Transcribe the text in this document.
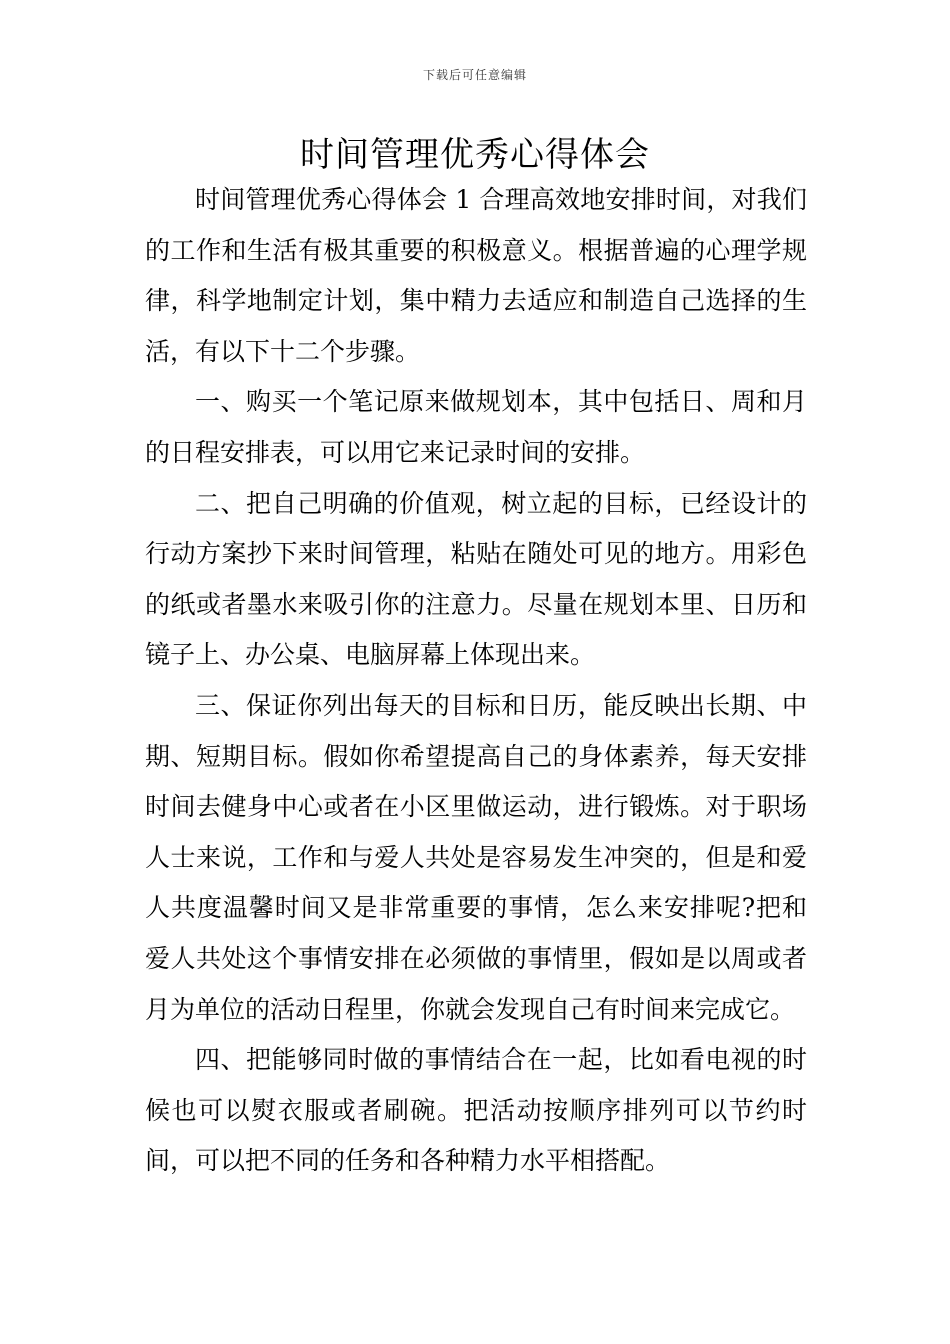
下载后可任意编辑
时间管理优秀心得体会

时间管理优秀心得体会 1 合理高效地安排时间，对我们的工作和生活有极其重要的积极意义。根据普遍的心理学规律，科学地制定计划，集中精力去适应和制造自己选择的生活，有以下十二个步骤。

一、购买一个笔记原来做规划本，其中包括日、周和月的日程安排表，可以用它来记录时间的安排。

二、把自己明确的价值观，树立起的目标，已经设计的行动方案抄下来时间管理，粘贴在随处可见的地方。用彩色的纸或者墨水来吸引你的注意力。尽量在规划本里、日历和镜子上、办公桌、电脑屏幕上体现出来。

三、保证你列出每天的目标和日历，能反映出长期、中期、短期目标。假如你希望提高自己的身体素养，每天安排时间去健身中心或者在小区里做运动，进行锻炼。对于职场人士来说，工作和与爱人共处是容易发生冲突的，但是和爱人共度温馨时间又是非常重要的事情，怎么来安排呢?把和爱人共处这个事情安排在必须做的事情里，假如是以周或者月为单位的活动日程里，你就会发现自己有时间来完成它。

四、把能够同时做的事情结合在一起，比如看电视的时候也可以熨衣服或者刷碗。把活动按顺序排列可以节约时间，可以把不同的任务和各种精力水平相搭配。
